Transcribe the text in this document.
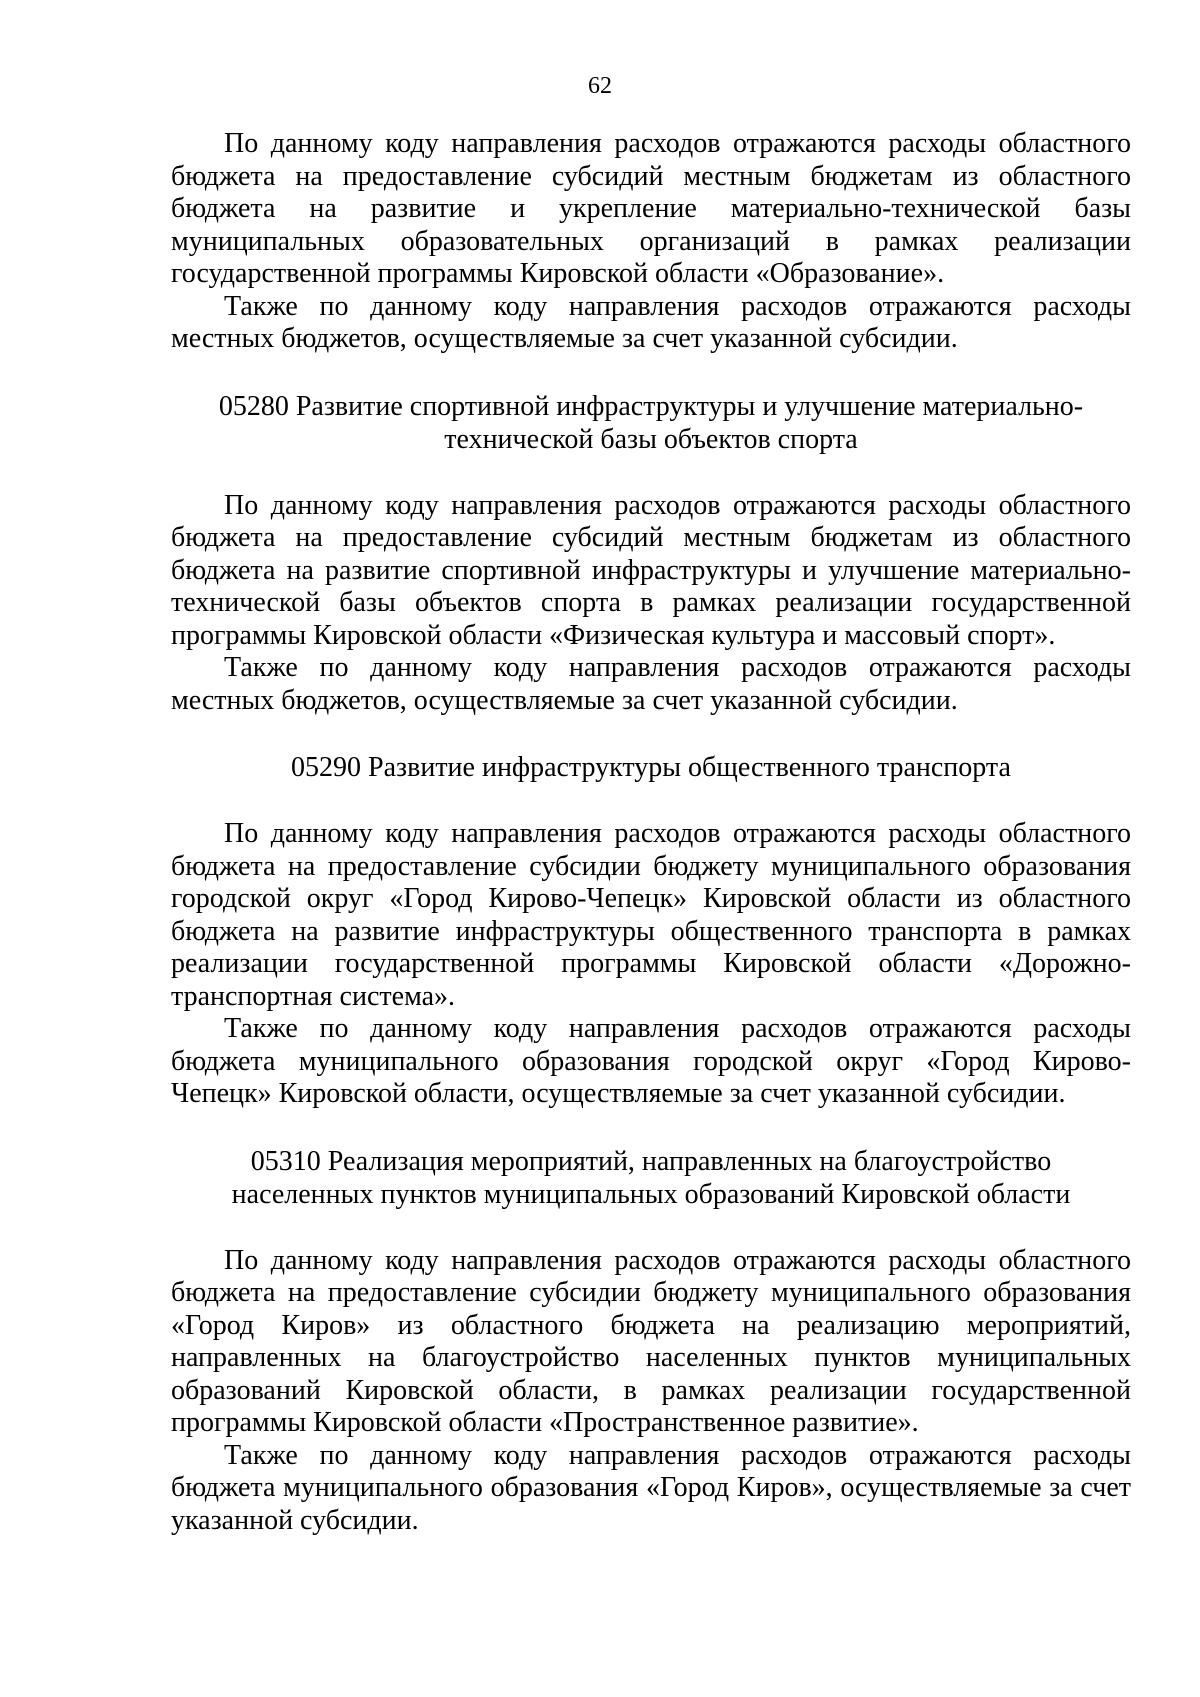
62

По данному коду направления расходов отражаются расходы областного бюджета на предоставление субсидий местным бюджетам из областного бюджета на развитие и укрепление материально-технической базы муниципальных образовательных организаций в рамках реализации государственной программы Кировской области «Образование».

Также по данному коду направления расходов отражаются расходы местных бюджетов, осуществляемые за счет указанной субсидии.

05280 Развитие спортивной инфраструктуры и улучшение материально-
технической базы объектов спорта

По данному коду направления расходов отражаются расходы областного бюджета на предоставление субсидий местным бюджетам из областного бюджета на развитие спортивной инфраструктуры и улучшение материально-технической базы объектов спорта в рамках реализации государственной программы Кировской области «Физическая культура и массовый спорт».

Также по данному коду направления расходов отражаются расходы местных бюджетов, осуществляемые за счет указанной субсидии.

05290 Развитие инфраструктуры общественного транспорта

По данному коду направления расходов отражаются расходы областного бюджета на предоставление субсидии бюджету муниципального образования городской округ «Город Кирово-Чепецк» Кировской области из областного бюджета на развитие инфраструктуры общественного транспорта в рамках реализации государственной программы Кировской области «Дорожно-транспортная система».

Также по данному коду направления расходов отражаются расходы бюджета муниципального образования городской округ «Город Кирово-Чепецк» Кировской области, осуществляемые за счет указанной субсидии.

05310 Реализация мероприятий, направленных на благоустройство
населенных пунктов муниципальных образований Кировской области

По данному коду направления расходов отражаются расходы областного бюджета на предоставление субсидии бюджету муниципального образования «Город Киров» из областного бюджета на реализацию мероприятий, направленных на благоустройство населенных пунктов муниципальных образований Кировской области, в рамках реализации государственной программы Кировской области «Пространственное развитие».

Также по данному коду направления расходов отражаются расходы бюджета муниципального образования «Город Киров», осуществляемые за счет указанной субсидии.
